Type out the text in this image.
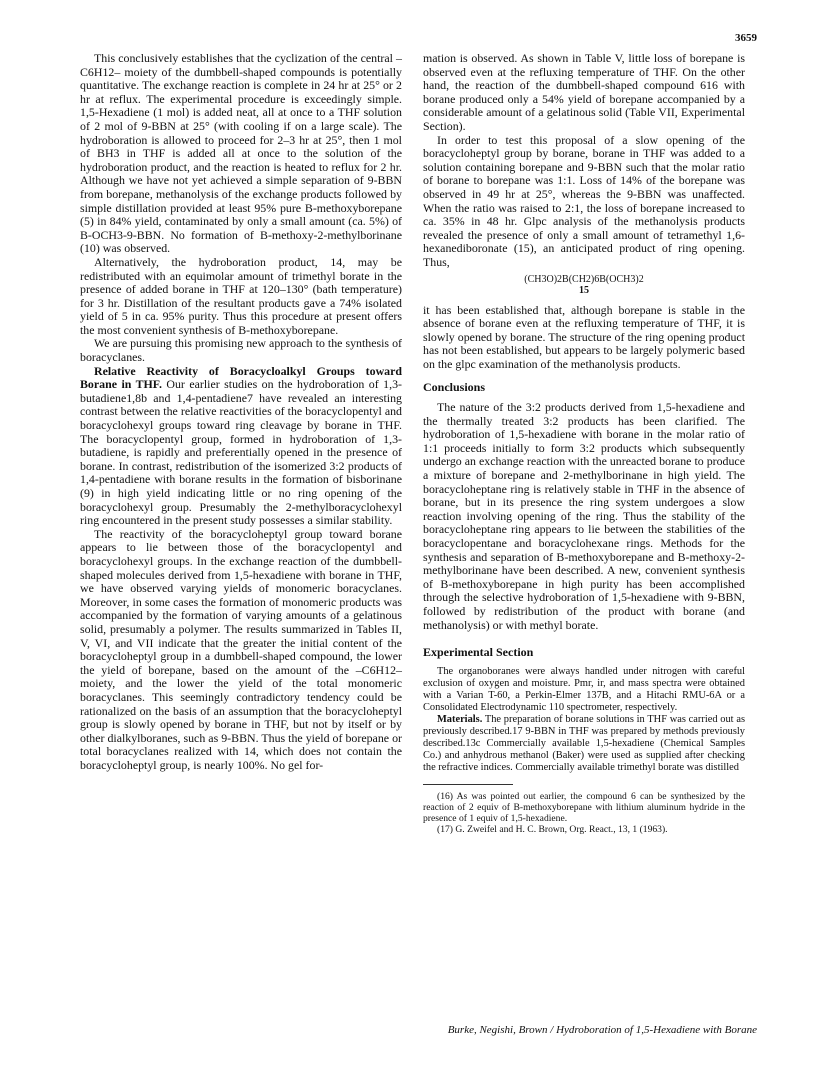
3659

This conclusively establishes that the cyclization of the central –C6H12– moiety of the dumbbell-shaped compounds is potentially quantitative. The exchange reaction is complete in 24 hr at 25° or 2 hr at reflux. The experimental procedure is exceedingly simple. 1,5-Hexadiene (1 mol) is added neat, all at once to a THF solution of 2 mol of 9-BBN at 25° (with cooling if on a large scale). The hydroboration is allowed to proceed for 2–3 hr at 25°, then 1 mol of BH3 in THF is added all at once to the solution of the hydroboration product, and the reaction is heated to reflux for 2 hr. Although we have not yet achieved a simple separation of 9-BBN from borepane, methanolysis of the exchange products followed by simple distillation provided at least 95% pure B-methoxyborepane (5) in 84% yield, contaminated by only a small amount (ca. 5%) of B-OCH3-9-BBN. No formation of B-methoxy-2-methylborinane (10) was observed.

Alternatively, the hydroboration product, 14, may be redistributed with an equimolar amount of trimethyl borate in the presence of added borane in THF at 120–130° (bath temperature) for 3 hr. Distillation of the resultant products gave a 74% isolated yield of 5 in ca. 95% purity. Thus this procedure at present offers the most convenient synthesis of B-methoxyborepane.

We are pursuing this promising new approach to the synthesis of boracyclanes.

Relative Reactivity of Boracycloalkyl Groups toward Borane in THF. Our earlier studies on the hydroboration of 1,3-butadiene1,8b and 1,4-pentadiene7 have revealed an interesting contrast between the relative reactivities of the boracyclopentyl and boracyclohexyl groups toward ring cleavage by borane in THF. The boracyclopentyl group, formed in hydroboration of 1,3-butadiene, is rapidly and preferentially opened in the presence of borane. In contrast, redistribution of the isomerized 3:2 products of 1,4-pentadiene with borane results in the formation of bisborinane (9) in high yield indicating little or no ring opening of the boracyclohexyl group. Presumably the 2-methylboracyclohexyl ring encountered in the present study possesses a similar stability.

The reactivity of the boracycloheptyl group toward borane appears to lie between those of the boracyclopentyl and boracyclohexyl groups. In the exchange reaction of the dumbbell-shaped molecules derived from 1,5-hexadiene with borane in THF, we have observed varying yields of monomeric boracyclanes. Moreover, in some cases the formation of monomeric products was accompanied by the formation of varying amounts of a gelatinous solid, presumably a polymer. The results summarized in Tables II, V, VI, and VII indicate that the greater the initial content of the boracycloheptyl group in a dumbbell-shaped compound, the lower the yield of borepane, based on the amount of the –C6H12– moiety, and the lower the yield of the total monomeric boracyclanes. This seemingly contradictory tendency could be rationalized on the basis of an assumption that the boracycloheptyl group is slowly opened by borane in THF, but not by itself or by other dialkylboranes, such as 9-BBN. Thus the yield of borepane or total boracyclanes realized with 14, which does not contain the boracycloheptyl group, is nearly 100%. No gel for-

mation is observed. As shown in Table V, little loss of borepane is observed even at the refluxing temperature of THF. On the other hand, the reaction of the dumbbell-shaped compound 616 with borane produced only a 54% yield of borepane accompanied by a considerable amount of a gelatinous solid (Table VII, Experimental Section).

In order to test this proposal of a slow opening of the boracycloheptyl group by borane, borane in THF was added to a solution containing borepane and 9-BBN such that the molar ratio of borane to borepane was 1:1. Loss of 14% of the borepane was observed in 49 hr at 25°, whereas the 9-BBN was unaffected. When the ratio was raised to 2:1, the loss of borepane increased to ca. 35% in 48 hr. Glpc analysis of the methanolysis products revealed the presence of only a small amount of tetramethyl 1,6-hexanediboronate (15), an anticipated product of ring opening. Thus,

(CH3O)2B(CH2)6B(OCH3)2
15

it has been established that, although borepane is stable in the absence of borane even at the refluxing temperature of THF, it is slowly opened by borane. The structure of the ring opening product has not been established, but appears to be largely polymeric based on the glpc examination of the methanolysis products.

Conclusions

The nature of the 3:2 products derived from 1,5-hexadiene and the thermally treated 3:2 products has been clarified. The hydroboration of 1,5-hexadiene with borane in the molar ratio of 1:1 proceeds initially to form 3:2 products which subsequently undergo an exchange reaction with the unreacted borane to produce a mixture of borepane and 2-methylborinane in high yield. The boracycloheptane ring is relatively stable in THF in the absence of borane, but in its presence the ring system undergoes a slow reaction involving opening of the ring. Thus the stability of the boracycloheptane ring appears to lie between the stabilities of the boracyclopentane and boracyclohexane rings. Methods for the synthesis and separation of B-methoxyborepane and B-methoxy-2-methylborinane have been described. A new, convenient synthesis of B-methoxyborepane in high purity has been accomplished through the selective hydroboration of 1,5-hexadiene with 9-BBN, followed by redistribution of the product with borane (and methanolysis) or with methyl borate.

Experimental Section

The organoboranes were always handled under nitrogen with careful exclusion of oxygen and moisture. Pmr, ir, and mass spectra were obtained with a Varian T-60, a Perkin-Elmer 137B, and a Hitachi RMU-6A or a Consolidated Electrodynamic 110 spectrometer, respectively.

Materials. The preparation of borane solutions in THF was carried out as previously described.17 9-BBN in THF was prepared by methods previously described.13c Commercially available 1,5-hexadiene (Chemical Samples Co.) and anhydrous methanol (Baker) were used as supplied after checking the refractive indices. Commercially available trimethyl borate was distilled

(16) As was pointed out earlier, the compound 6 can be synthesized by the reaction of 2 equiv of B-methoxyborepane with lithium aluminum hydride in the presence of 1 equiv of 1,5-hexadiene.

(17) G. Zweifel and H. C. Brown, Org. React., 13, 1 (1963).

Burke, Negishi, Brown / Hydroboration of 1,5-Hexadiene with Borane
